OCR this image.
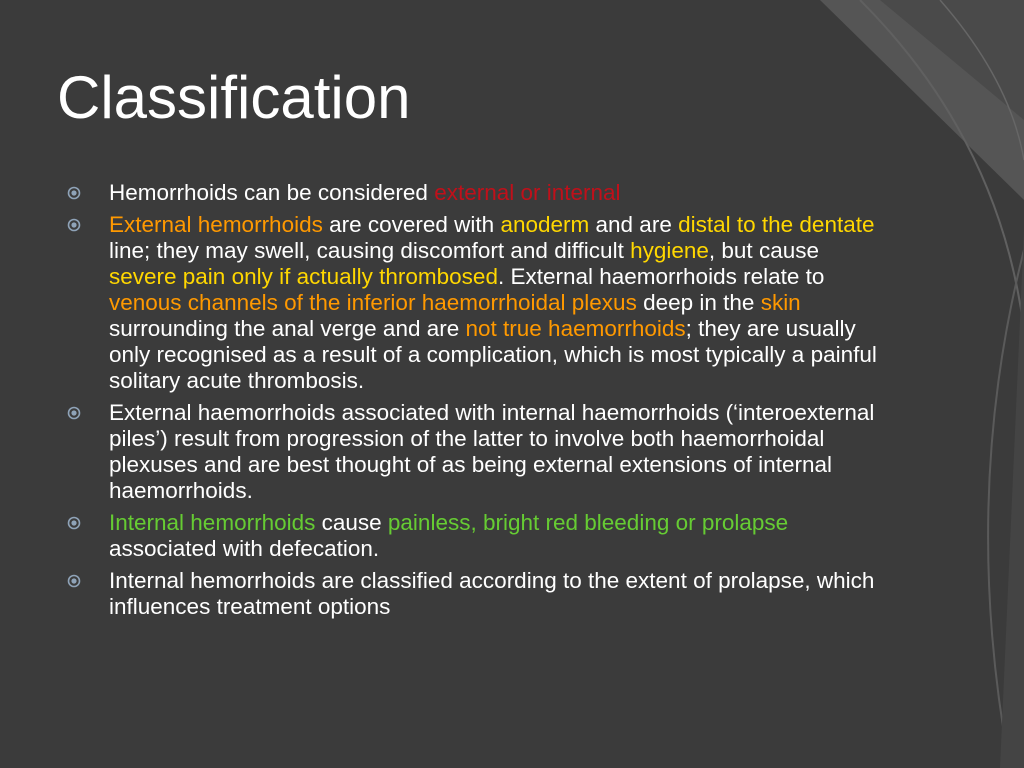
Classification
Hemorrhoids can be considered external or internal
External hemorrhoids are covered with anoderm and are distal to the dentate line; they may swell, causing discomfort and difficult hygiene, but cause severe pain only if actually thrombosed. External haemorrhoids relate to venous channels of the inferior haemorrhoidal plexus deep in the skin surrounding the anal verge and are not true haemorrhoids; they are usually only recognised as a result of a complication, which is most typically a painful solitary acute thrombosis.
External haemorrhoids associated with internal haemorrhoids (‘interoexternal piles’) result from progression of the latter to involve both haemorrhoidal plexuses and are best thought of as being external extensions of internal haemorrhoids.
Internal hemorrhoids cause painless, bright red bleeding or prolapse associated with defecation.
Internal hemorrhoids are classified according to the extent of prolapse, which influences treatment options
